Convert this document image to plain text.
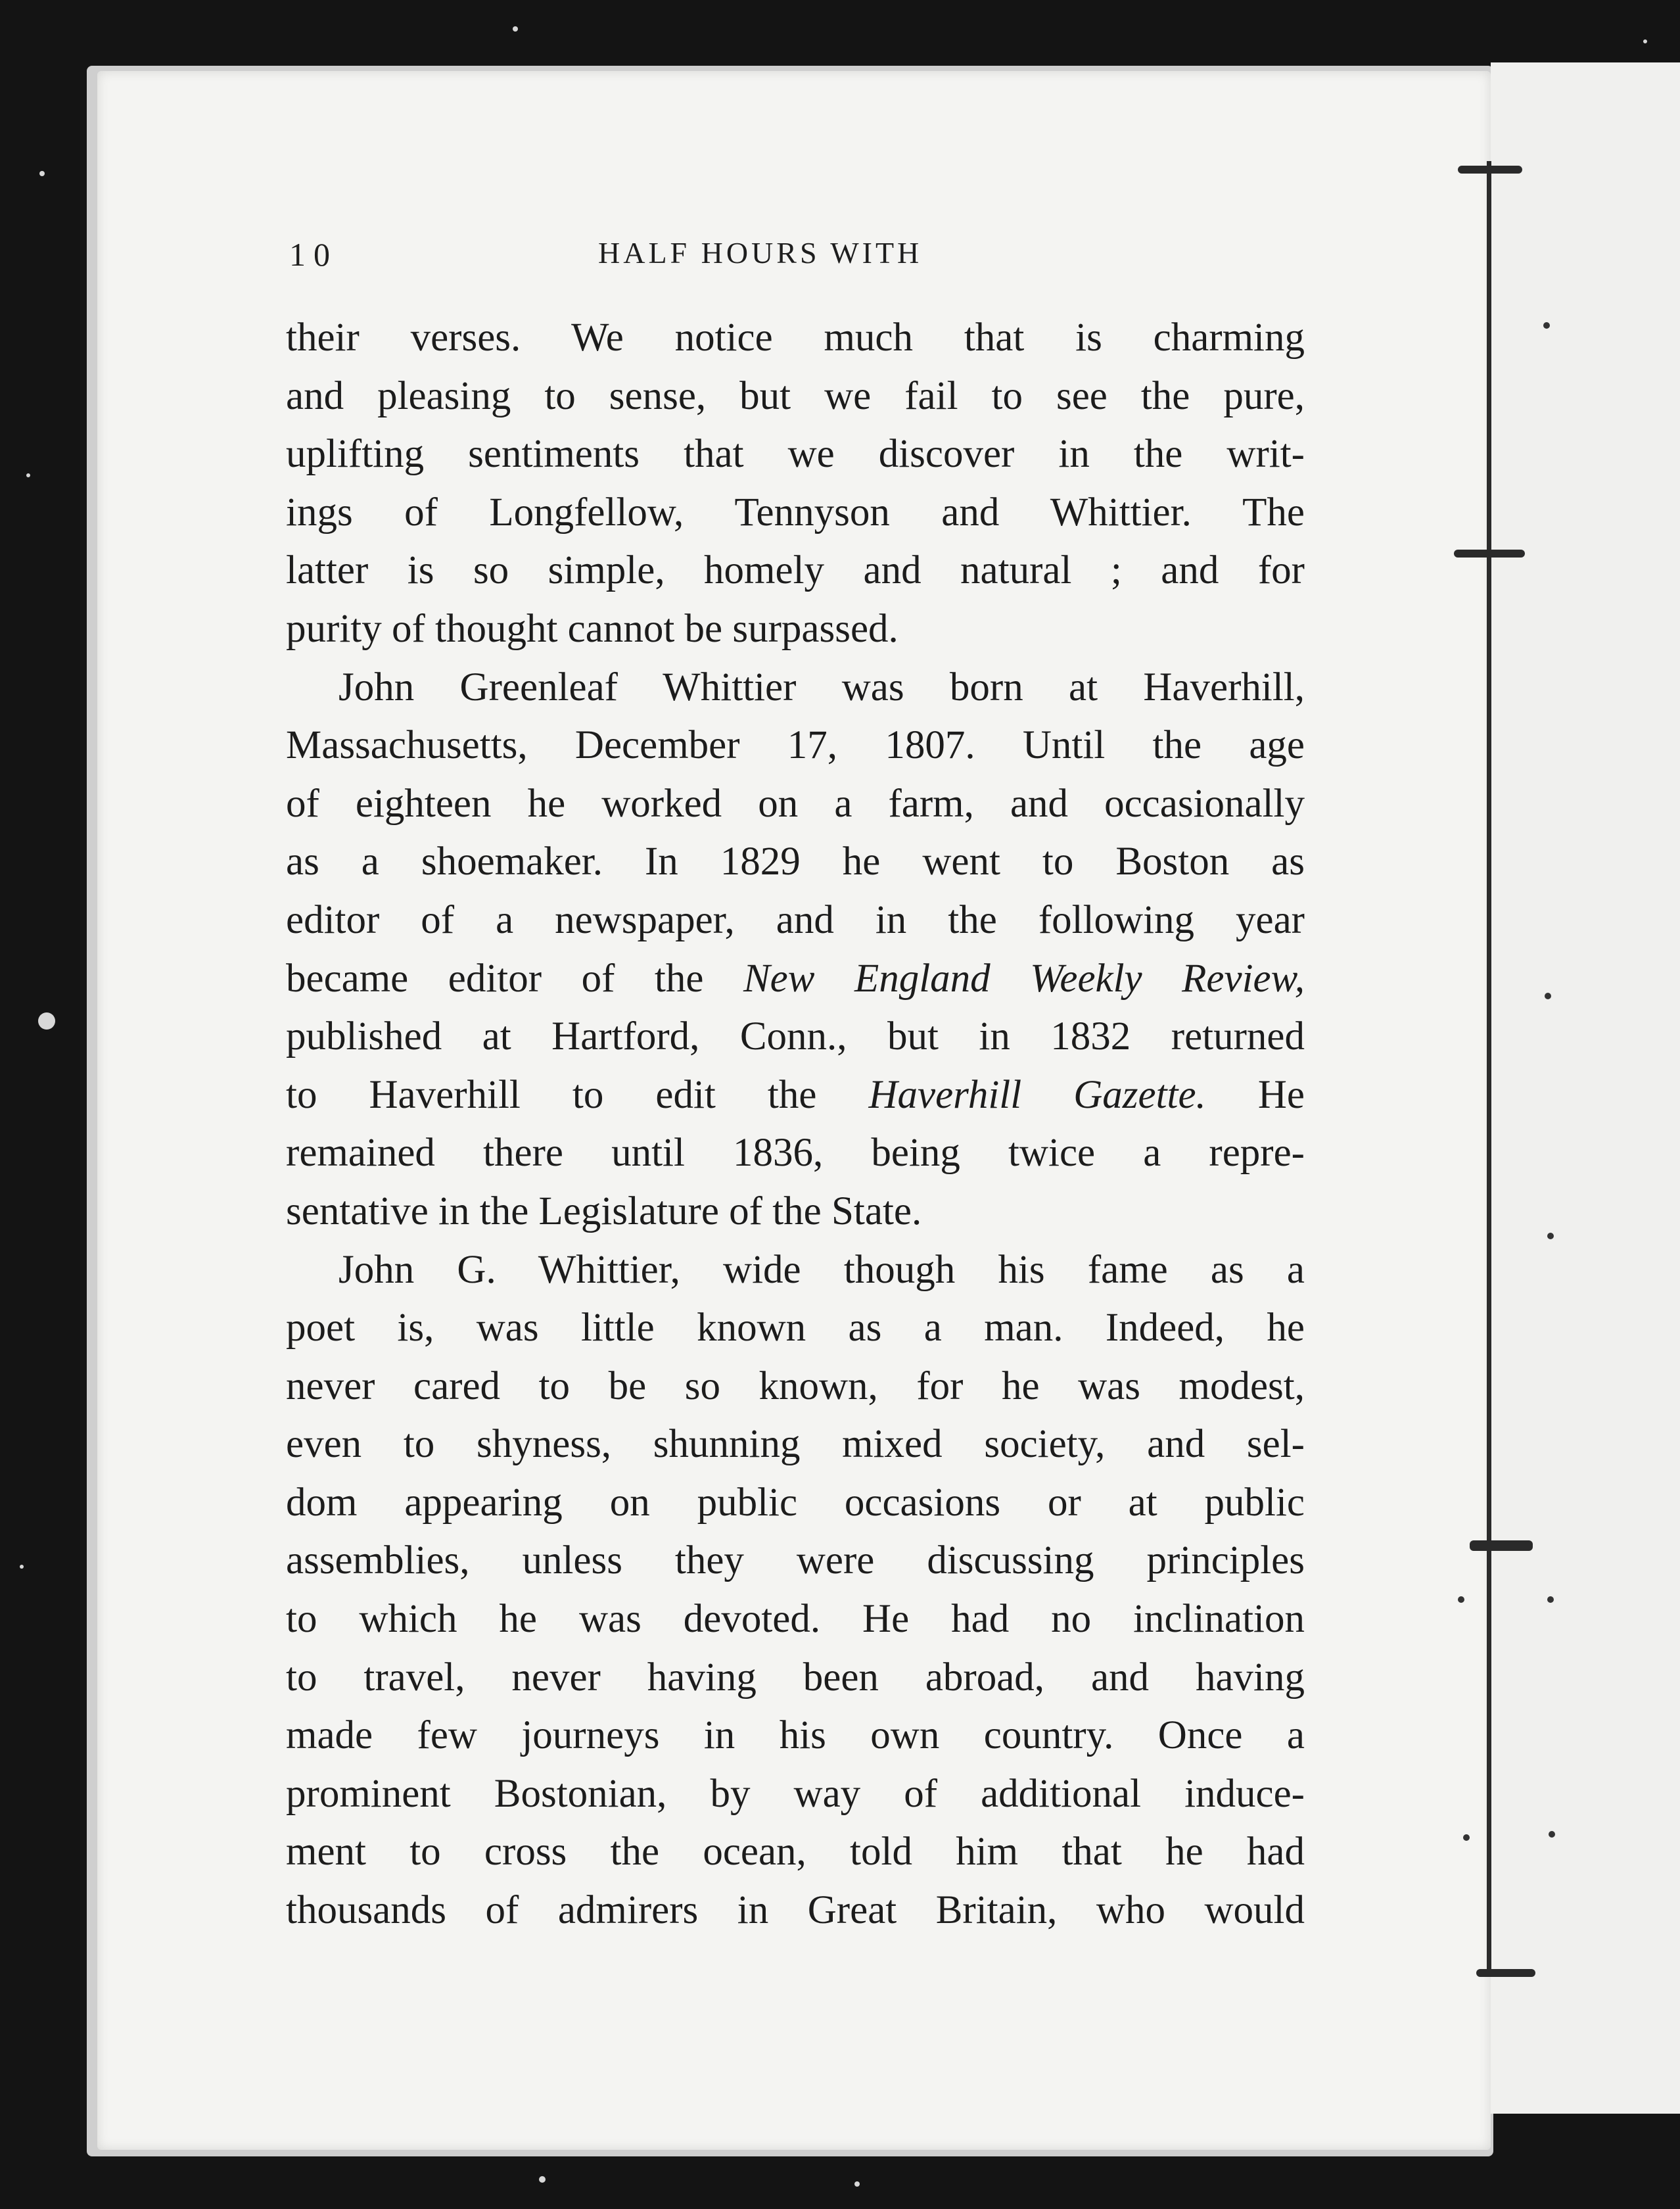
10	HALF HOURS WITH
their verses. We notice much that is charming
and pleasing to sense, but we fail to see the pure,
uplifting sentiments that we discover in the writ-
ings of Longfellow, Tennyson and Whittier. The
latter is so simple, homely and natural ; and for
purity of thought cannot be surpassed.
John Greenleaf Whittier was born at Haverhill,
Massachusetts, December 17, 1807. Until the age
of eighteen he worked on a farm, and occasionally
as a shoemaker. In 1829 he went to Boston as
editor of a newspaper, and in the following year
became editor of the New England Weekly Review,
published at Hartford, Conn., but in 1832 returned
to Haverhill to edit the Haverhill Gazette. He
remained there until 1836, being twice a repre-
sentative in the Legislature of the State.
John G. Whittier, wide though his fame as a
poet is, was little known as a man. Indeed, he
never cared to be so known, for he was modest,
even to shyness, shunning mixed society, and sel-
dom appearing on public occasions or at public
assemblies, unless they were discussing principles
to which he was devoted. He had no inclination
to travel, never having been abroad, and having
made few journeys in his own country. Once a
prominent Bostonian, by way of additional induce-
ment to cross the ocean, told him that he had
thousands of admirers in Great Britain, who would
